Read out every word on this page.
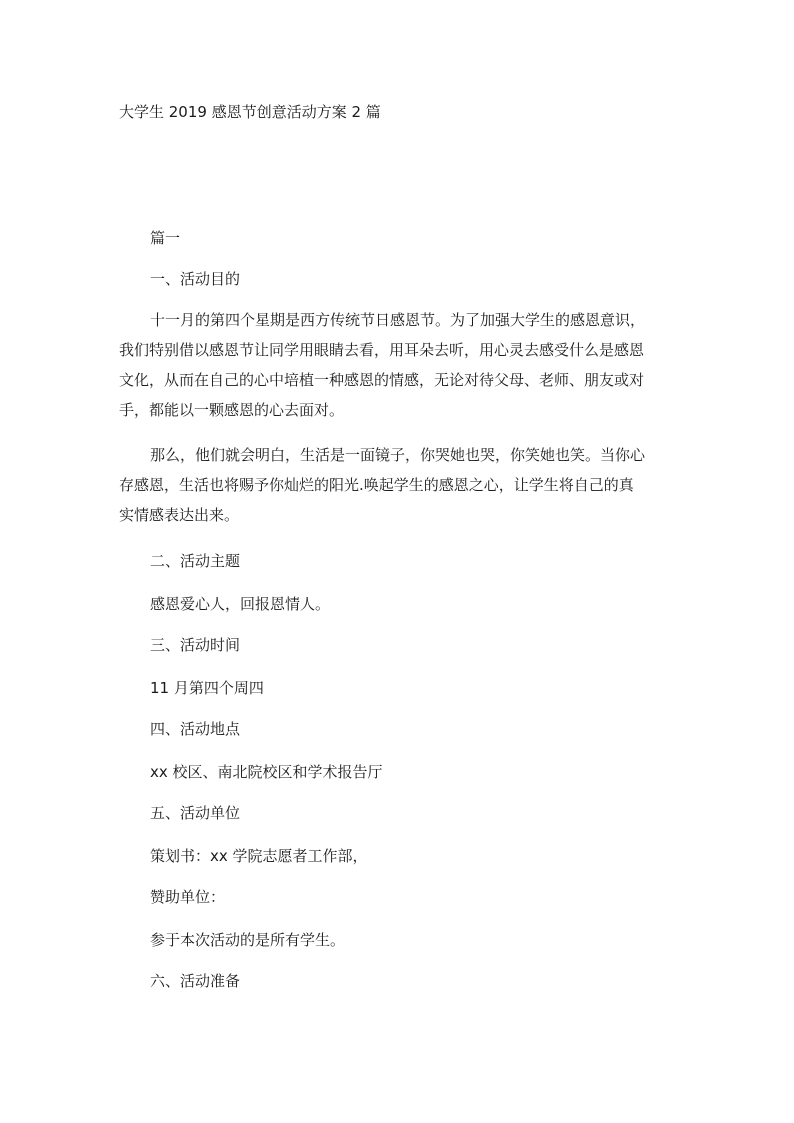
大学生 2019 感恩节创意活动方案 2 篇
篇一
一、活动目的
十一月的第四个星期是西方传统节日感恩节。为了加强大学生的感恩意识，
我们特别借以感恩节让同学用眼睛去看，用耳朵去听，用心灵去感受什么是感恩
文化，从而在自己的心中培植一种感恩的情感，无论对待父母、老师、朋友或对
手，都能以一颗感恩的心去面对。
那么，他们就会明白，生活是一面镜子，你哭她也哭，你笑她也笑。当你心
存感恩，生活也将赐予你灿烂的阳光.唤起学生的感恩之心，让学生将自己的真
实情感表达出来。
二、活动主题
感恩爱心人，回报恩情人。
三、活动时间
11 月第四个周四
四、活动地点
xx 校区、南北院校区和学术报告厅
五、活动单位
策划书：xx 学院志愿者工作部，
赞助单位：
参于本次活动的是所有学生。
六、活动准备
